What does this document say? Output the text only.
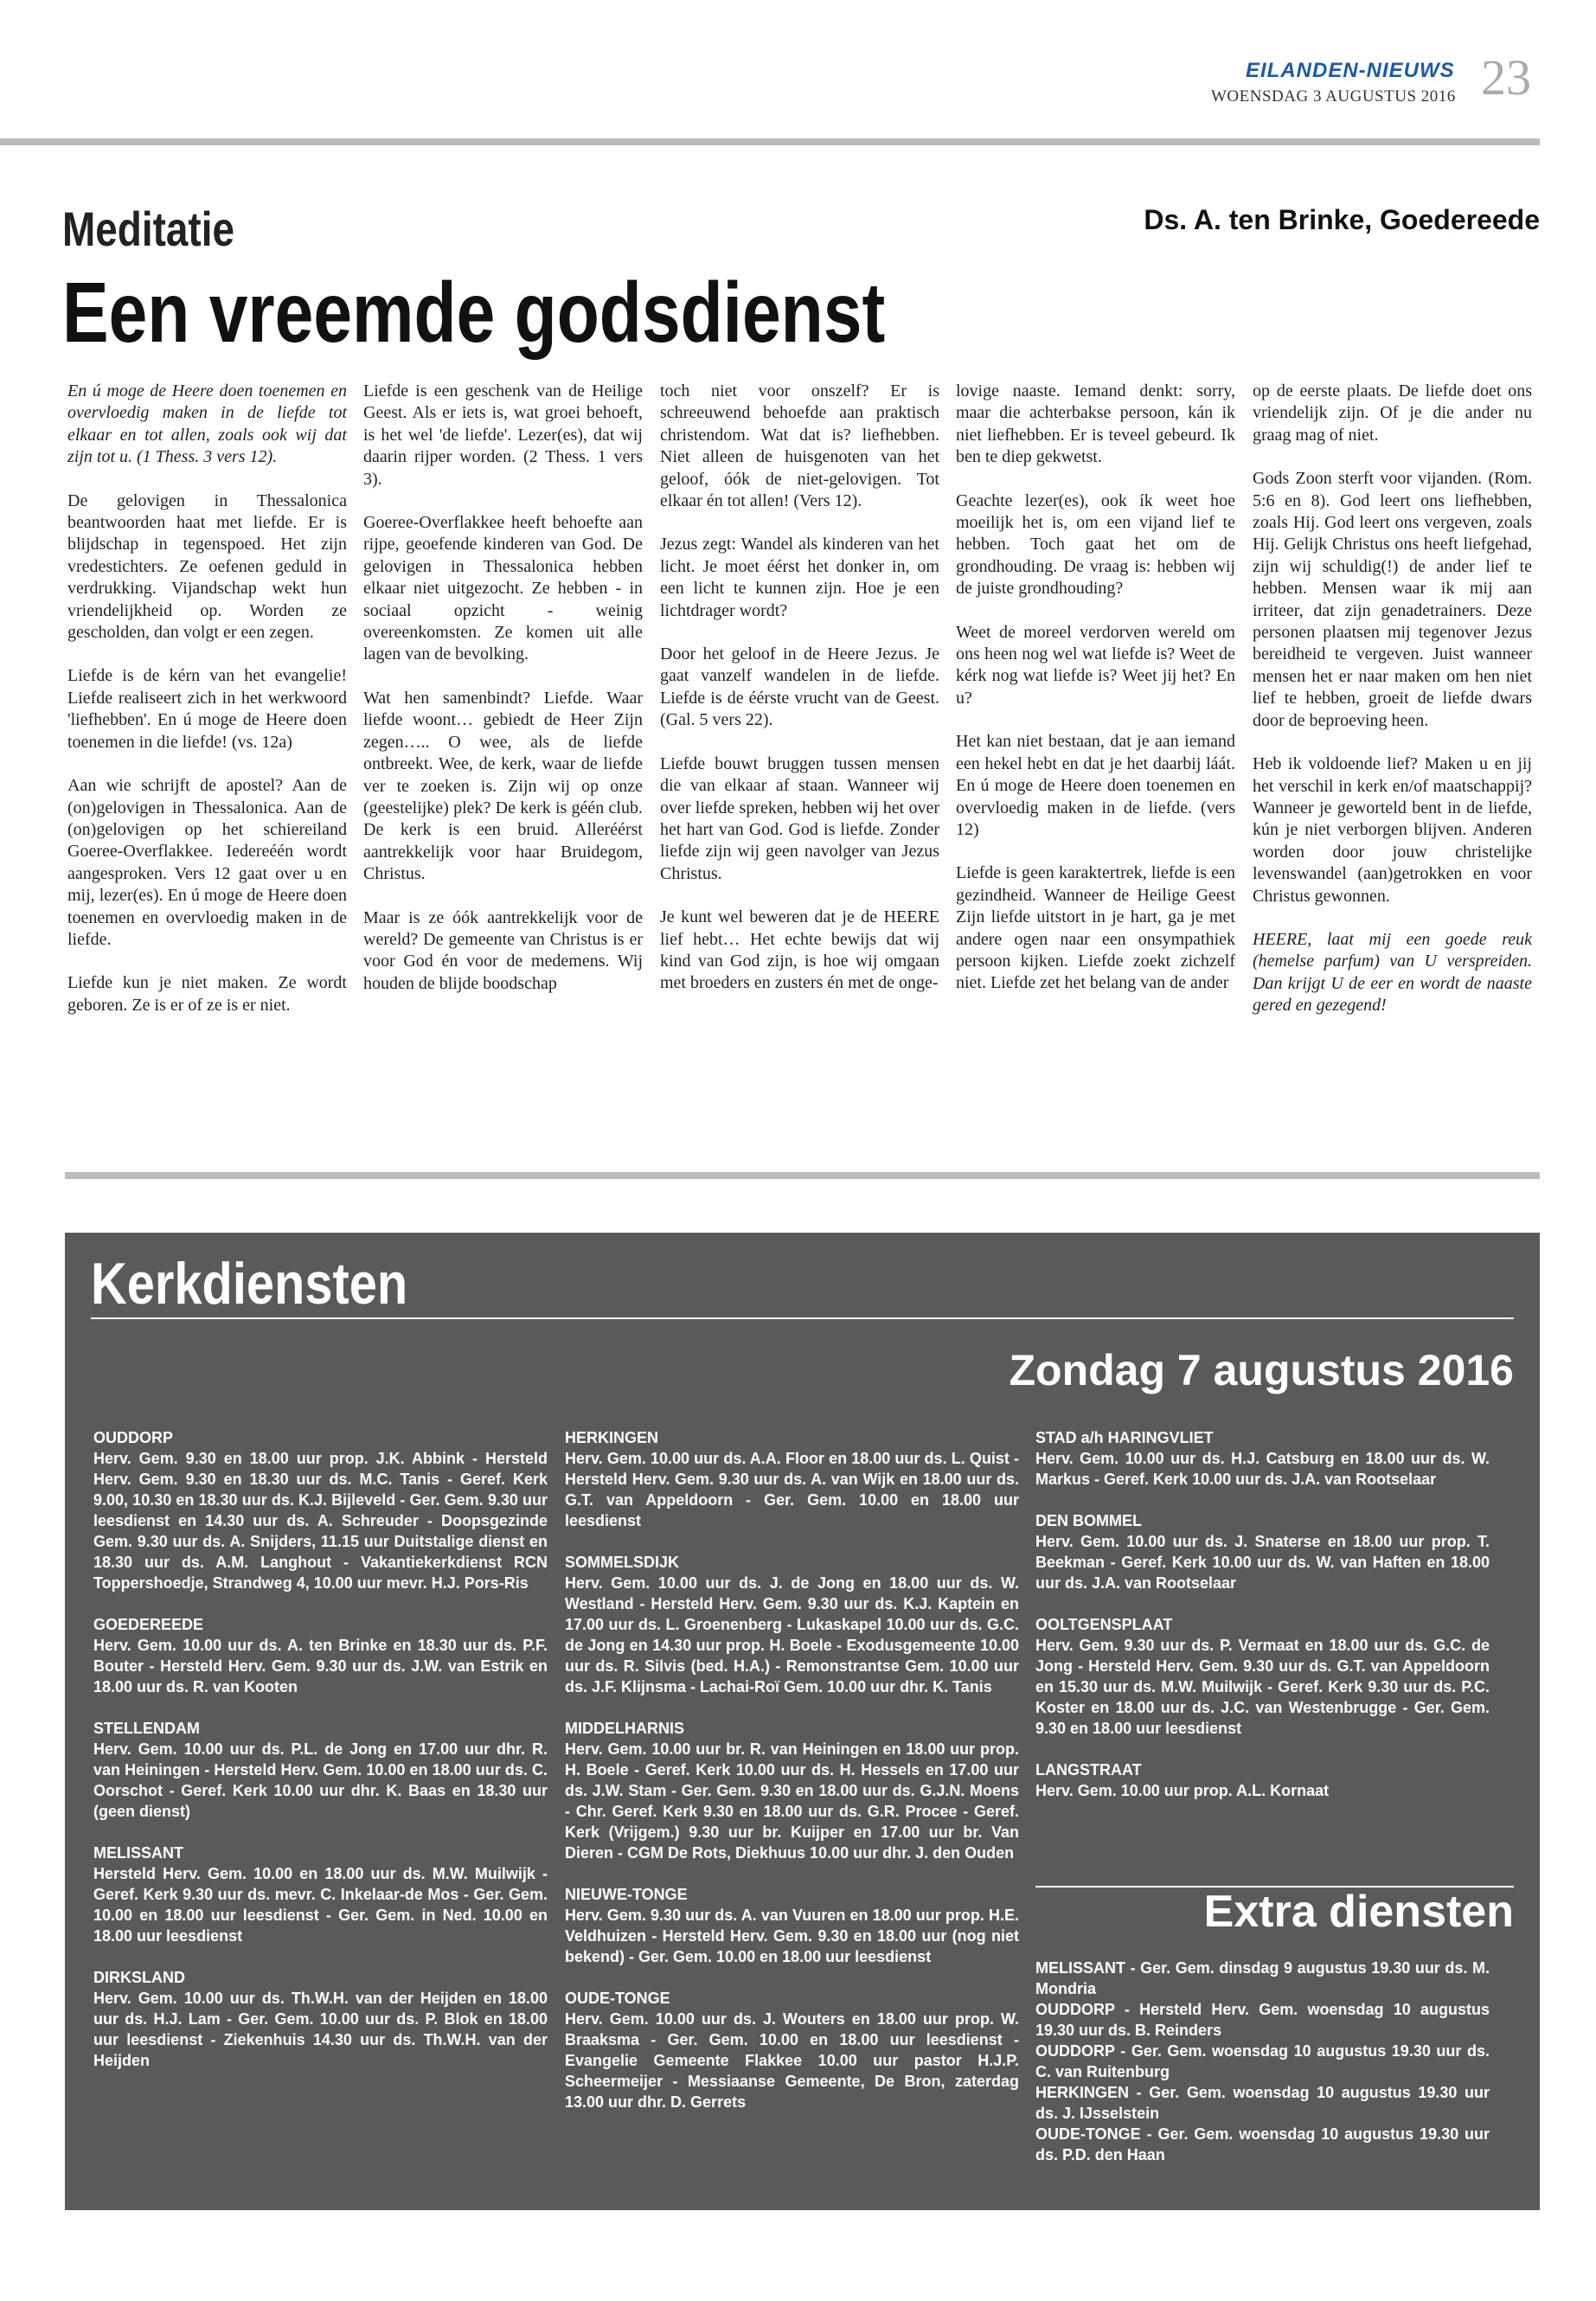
EILANDEN-NIEUWS
WOENSDAG 3 AUGUSTUS 2016 23
Meditatie	Ds. A. ten Brinke, Goedereede
Een vreemde godsdienst

En ú moge de Heere doen toenemen en overvloedig maken in de liefde tot elkaar en tot allen, zoals ook wij dat zijn tot u. (1 Thess. 3 vers 12).

De gelovigen in Thessalonica beantwoorden haat met liefde. Er is blijdschap in tegenspoed. Het zijn vredestichters. Ze oefenen geduld in verdrukking. Vijandschap wekt hun vriendelijkheid op. Worden ze gescholden, dan volgt er een zegen.

Liefde is de kérn van het evangelie! Liefde realiseert zich in het werkwoord 'liefhebben'. En ú moge de Heere doen toenemen in die liefde! (vs. 12a)

Aan wie schrijft de apostel? Aan de (on)gelovigen in Thessalonica. Aan de (on)gelovigen op het schiereiland Goeree-Overflakkee. Iedereéén wordt aangesproken. Vers 12 gaat over u en mij, lezer(es). En ú moge de Heere doen toenemen en overvloedig maken in de liefde.

Liefde kun je niet maken. Ze wordt geboren. Ze is er of ze is er niet.

Liefde is een geschenk van de Heilige Geest. Als er iets is, wat groei behoeft, is het wel 'de liefde'. Lezer(es), dat wij daarin rijper worden. (2 Thess. 1 vers 3).

Goeree-Overflakkee heeft behoefte aan rijpe, geoefende kinderen van God. De gelovigen in Thessalonica hebben elkaar niet uitgezocht. Ze hebben - in sociaal opzicht - weinig overeenkomsten. Ze komen uit alle lagen van de bevolking.

Wat hen samenbindt? Liefde. Waar liefde woont… gebiedt de Heer Zijn zegen….. O wee, als de liefde ontbreekt. Wee, de kerk, waar de liefde ver te zoeken is. Zijn wij op onze (geestelijke) plek? De kerk is géén club. De kerk is een bruid. Alleréérst aantrekkelijk voor haar Bruidegom, Christus.

Maar is ze óók aantrekkelijk voor de wereld? De gemeente van Christus is er voor God én voor de medemens. Wij houden de blijde boodschap

toch niet voor onszelf? Er is schreeuwend behoefde aan praktisch christendom. Wat dat is? liefhebben. Niet alleen de huisgenoten van het geloof, óók de niet-gelovigen. Tot elkaar én tot allen! (Vers 12).

Jezus zegt: Wandel als kinderen van het licht. Je moet éérst het donker in, om een licht te kunnen zijn. Hoe je een lichtdrager wordt?

Door het geloof in de Heere Jezus. Je gaat vanzelf wandelen in de liefde. Liefde is de éérste vrucht van de Geest. (Gal. 5 vers 22).

Liefde bouwt bruggen tussen mensen die van elkaar af staan. Wanneer wij over liefde spreken, hebben wij het over het hart van God. God is liefde. Zonder liefde zijn wij geen navolger van Jezus Christus.

Je kunt wel beweren dat je de HEERE lief hebt… Het echte bewijs dat wij kind van God zijn, is hoe wij omgaan met broeders en zusters én met de onge-

lovige naaste. Iemand denkt: sorry, maar die achterbakse persoon, kán ik niet liefhebben. Er is teveel gebeurd. Ik ben te diep gekwetst.

Geachte lezer(es), ook ík weet hoe moeilijk het is, om een vijand lief te hebben. Toch gaat het om de grondhouding. De vraag is: hebben wij de juiste grondhouding?

Weet de moreel verdorven wereld om ons heen nog wel wat liefde is? Weet de kérk nog wat liefde is? Weet jij het? En u?

Het kan niet bestaan, dat je aan iemand een hekel hebt en dat je het daarbij láát. En ú moge de Heere doen toenemen en overvloedig maken in de liefde. (vers 12)

Liefde is geen karaktertrek, liefde is een gezindheid. Wanneer de Heilige Geest Zijn liefde uitstort in je hart, ga je met andere ogen naar een onsympathiek persoon kijken. Liefde zoekt zichzelf niet. Liefde zet het belang van de ander

op de eerste plaats. De liefde doet ons vriendelijk zijn. Of je die ander nu graag mag of niet.

Gods Zoon sterft voor vijanden. (Rom. 5:6 en 8). God leert ons liefhebben, zoals Hij. God leert ons vergeven, zoals Hij. Gelijk Christus ons heeft liefgehad, zijn wij schuldig(!) de ander lief te hebben. Mensen waar ik mij aan irriteer, dat zijn genadetrainers. Deze personen plaatsen mij tegenover Jezus bereidheid te vergeven. Juist wanneer mensen het er naar maken om hen niet lief te hebben, groeit de liefde dwars door de beproeving heen.

Heb ik voldoende lief? Maken u en jij het verschil in kerk en/of maatschappij? Wanneer je geworteld bent in de liefde, kún je niet verborgen blijven. Anderen worden door jouw christelijke levenswandel (aan)getrokken en voor Christus gewonnen.

HEERE, laat mij een goede reuk (hemelse parfum) van U verspreiden. Dan krijgt U de eer en wordt de naaste gered en gezegend!

Kerkdiensten
Zondag 7 augustus 2016
OUDDORP
Herv. Gem. 9.30 en 18.00 uur prop. J.K. Abbink - Hersteld Herv. Gem. 9.30 en 18.30 uur ds. M.C. Tanis - Geref. Kerk 9.00, 10.30 en 18.30 uur ds. K.J. Bijleveld - Ger. Gem. 9.30 uur leesdienst en 14.30 uur ds. A. Schreuder - Doopsgezinde Gem. 9.30 uur ds. A. Snijders, 11.15 uur Duitstalige dienst en 18.30 uur ds. A.M. Langhout - Vakantiekerkdienst RCN Toppershoedje, Strandweg 4, 10.00 uur mevr. H.J. Pors-Ris
GOEDEREEDE
Herv. Gem. 10.00 uur ds. A. ten Brinke en 18.30 uur ds. P.F. Bouter - Hersteld Herv. Gem. 9.30 uur ds. J.W. van Estrik en 18.00 uur ds. R. van Kooten
STELLENDAM
Herv. Gem. 10.00 uur ds. P.L. de Jong en 17.00 uur dhr. R. van Heiningen - Hersteld Herv. Gem. 10.00 en 18.00 uur ds. C. Oorschot - Geref. Kerk 10.00 uur dhr. K. Baas en 18.30 uur (geen dienst)
MELISSANT
Hersteld Herv. Gem. 10.00 en 18.00 uur ds. M.W. Muilwijk - Geref. Kerk 9.30 uur ds. mevr. C. Inkelaar-de Mos - Ger. Gem. 10.00 en 18.00 uur leesdienst - Ger. Gem. in Ned. 10.00 en 18.00 uur leesdienst
DIRKSLAND
Herv. Gem. 10.00 uur ds. Th.W.H. van der Heijden en 18.00 uur ds. H.J. Lam - Ger. Gem. 10.00 uur ds. P. Blok en 18.00 uur leesdienst - Ziekenhuis 14.30 uur ds. Th.W.H. van der Heijden
HERKINGEN
Herv. Gem. 10.00 uur ds. A.A. Floor en 18.00 uur ds. L. Quist - Hersteld Herv. Gem. 9.30 uur ds. A. van Wijk en 18.00 uur ds. G.T. van Appeldoorn - Ger. Gem. 10.00 en 18.00 uur leesdienst
SOMMELSDIJK
Herv. Gem. 10.00 uur ds. J. de Jong en 18.00 uur ds. W. Westland - Hersteld Herv. Gem. 9.30 uur ds. K.J. Kaptein en 17.00 uur ds. L. Groenenberg - Lukaskapel 10.00 uur ds. G.C. de Jong en 14.30 uur prop. H. Boele - Exodusgemeente 10.00 uur ds. R. Silvis (bed. H.A.) - Remonstrantse Gem. 10.00 uur ds. J.F. Klijnsma - Lachai-Roï Gem. 10.00 uur dhr. K. Tanis
MIDDELHARNIS
Herv. Gem. 10.00 uur br. R. van Heiningen en 18.00 uur prop. H. Boele - Geref. Kerk 10.00 uur ds. H. Hessels en 17.00 uur ds. J.W. Stam - Ger. Gem. 9.30 en 18.00 uur ds. G.J.N. Moens - Chr. Geref. Kerk 9.30 en 18.00 uur ds. G.R. Procee - Geref. Kerk (Vrijgem.) 9.30 uur br. Kuijper en 17.00 uur br. Van Dieren - CGM De Rots, Diekhuus 10.00 uur dhr. J. den Ouden
NIEUWE-TONGE
Herv. Gem. 9.30 uur ds. A. van Vuuren en 18.00 uur prop. H.E. Veldhuizen - Hersteld Herv. Gem. 9.30 en 18.00 uur (nog niet bekend) - Ger. Gem. 10.00 en 18.00 uur leesdienst
OUDE-TONGE
Herv. Gem. 10.00 uur ds. J. Wouters en 18.00 uur prop. W. Braaksma - Ger. Gem. 10.00 en 18.00 uur leesdienst - Evangelie Gemeente Flakkee 10.00 uur pastor H.J.P. Scheermeijer - Messiaanse Gemeente, De Bron, zaterdag 13.00 uur dhr. D. Gerrets
STAD a/h HARINGVLIET
Herv. Gem. 10.00 uur ds. H.J. Catsburg en 18.00 uur ds. W. Markus - Geref. Kerk 10.00 uur ds. J.A. van Rootselaar
DEN BOMMEL
Herv. Gem. 10.00 uur ds. J. Snaterse en 18.00 uur prop. T. Beekman - Geref. Kerk 10.00 uur ds. W. van Haften en 18.00 uur ds. J.A. van Rootselaar
OOLTGENSPLAAT
Herv. Gem. 9.30 uur ds. P. Vermaat en 18.00 uur ds. G.C. de Jong - Hersteld Herv. Gem. 9.30 uur ds. G.T. van Appeldoorn en 15.30 uur ds. M.W. Muilwijk - Geref. Kerk 9.30 uur ds. P.C. Koster en 18.00 uur ds. J.C. van Westenbrugge - Ger. Gem. 9.30 en 18.00 uur leesdienst
LANGSTRAAT
Herv. Gem. 10.00 uur prop. A.L. Kornaat
Extra diensten
MELISSANT - Ger. Gem. dinsdag 9 augustus 19.30 uur ds. M. Mondria
OUDDORP - Hersteld Herv. Gem. woensdag 10 augustus 19.30 uur ds. B. Reinders
OUDDORP - Ger. Gem. woensdag 10 augustus 19.30 uur ds. C. van Ruitenburg
HERKINGEN - Ger. Gem. woensdag 10 augustus 19.30 uur ds. J. IJsselstein
OUDE-TONGE - Ger. Gem. woensdag 10 augustus 19.30 uur ds. P.D. den Haan
